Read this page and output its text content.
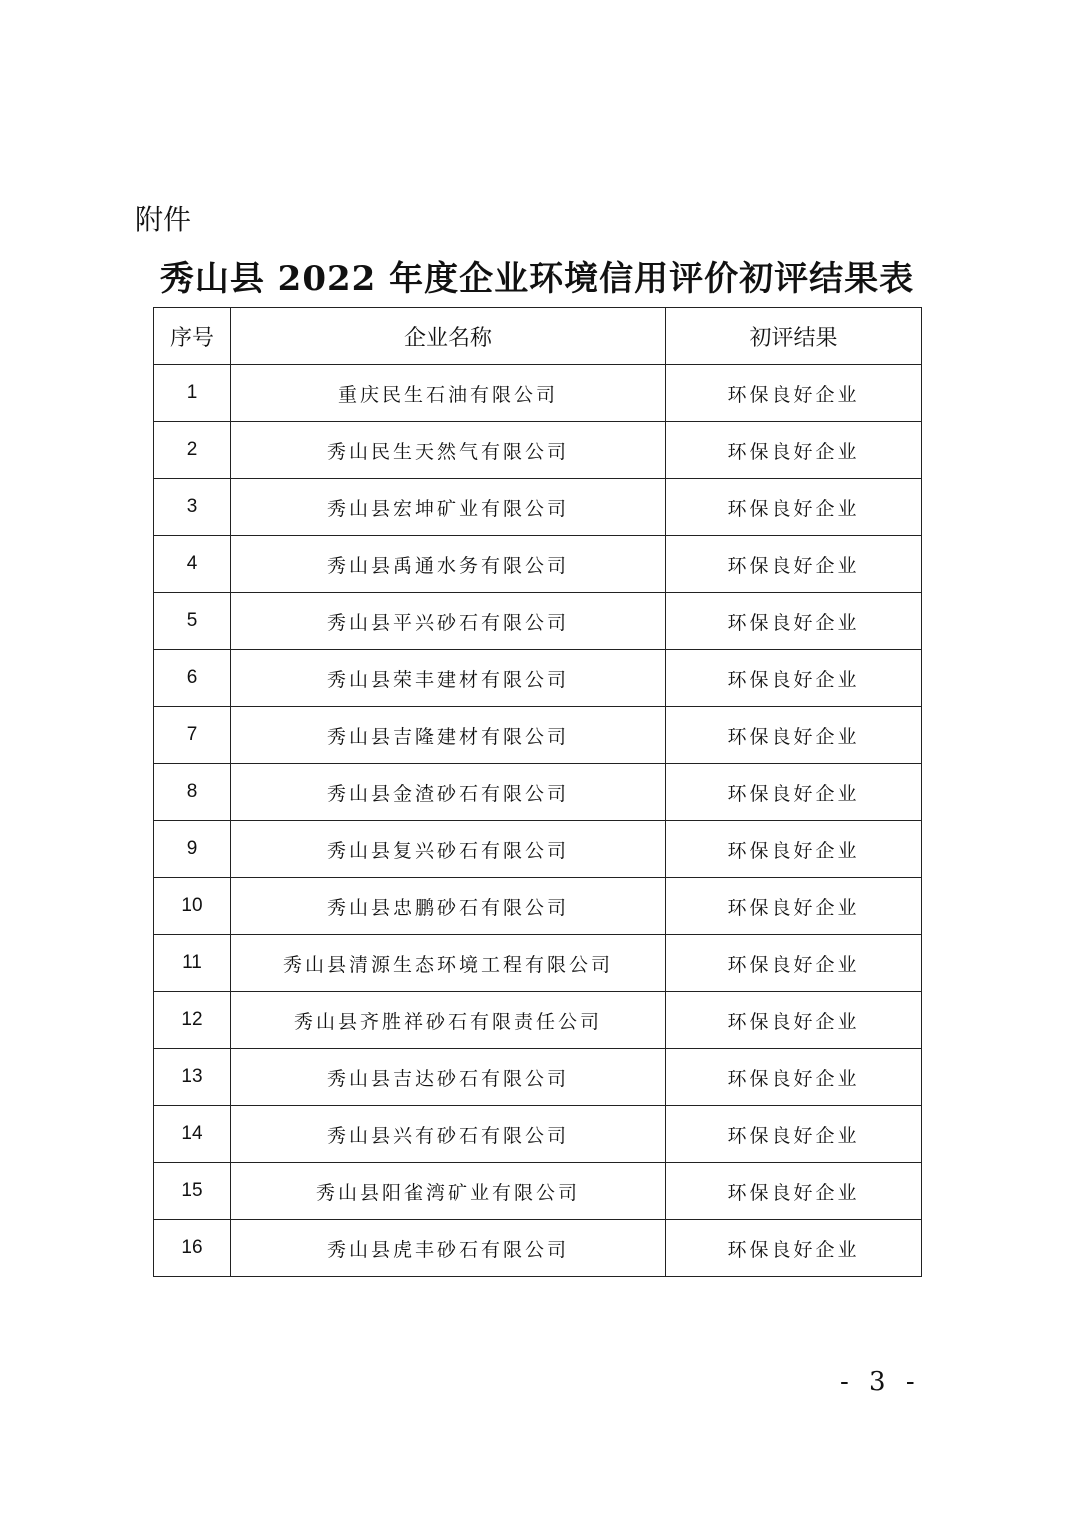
附件
秀山县 2022 年度企业环境信用评价初评结果表
序号	企业名称	初评结果
1	重庆民生石油有限公司	环保良好企业
2	秀山民生天然气有限公司	环保良好企业
3	秀山县宏坤矿业有限公司	环保良好企业
4	秀山县禹通水务有限公司	环保良好企业
5	秀山县平兴砂石有限公司	环保良好企业
6	秀山县荣丰建材有限公司	环保良好企业
7	秀山县吉隆建材有限公司	环保良好企业
8	秀山县金渣砂石有限公司	环保良好企业
9	秀山县复兴砂石有限公司	环保良好企业
10	秀山县忠鹏砂石有限公司	环保良好企业
11	秀山县清源生态环境工程有限公司	环保良好企业
12	秀山县齐胜祥砂石有限责任公司	环保良好企业
13	秀山县吉达砂石有限公司	环保良好企业
14	秀山县兴有砂石有限公司	环保良好企业
15	秀山县阳雀湾矿业有限公司	环保良好企业
16	秀山县虎丰砂石有限公司	环保良好企业
- 3 -
